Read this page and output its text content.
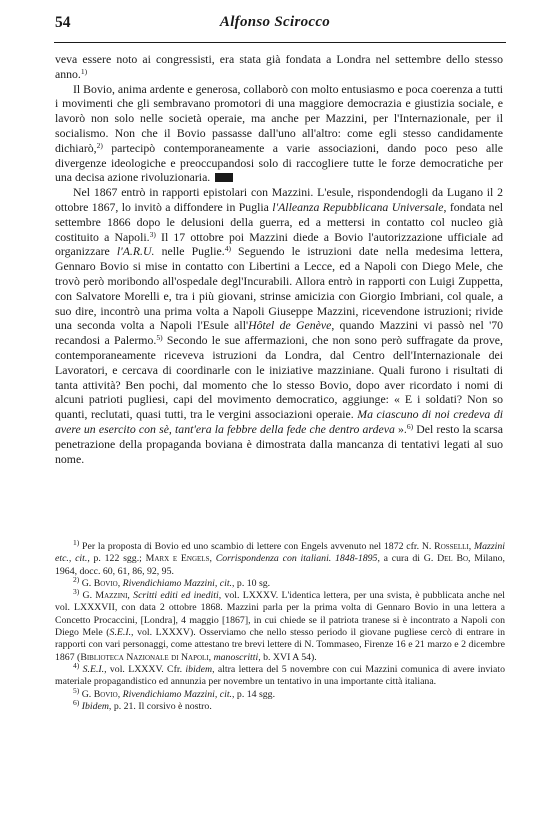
54	Alfonso Scirocco

veva essere noto ai congressisti, era stata già fondata a Londra nel settembre dello stesso anno.$^{1)}$

Il Bovio, anima ardente e generosa, collaborò con molto entusiasmo e poca coerenza a tutti i movimenti che gli sembravano promotori di una maggiore democrazia e giustizia sociale, e lavorò non solo nelle società operaie, ma anche per Mazzini, per l'Internazionale, per il socialismo. Non che il Bovio passasse dall'uno all'altro: come egli stesso candidamente dichiarò,$^{2)}$ partecipò contemporaneamente a varie associazioni, dando poco peso alle divergenze ideologiche e preoccupandosi solo di raccogliere tutte le forze democratiche per una decisa azione rivoluzionaria.

Nel 1867 entrò in rapporti epistolari con Mazzini. L'esule, rispondendogli da Lugano il 2 ottobre 1867, lo invitò a diffondere in Puglia l'Alleanza Repubblicana Universale, fondata nel settembre 1866 dopo le delusioni della guerra, ed a mettersi in contatto col nucleo già costituito a Napoli.$^{3)}$ Il 17 ottobre poi Mazzini diede a Bovio l'autorizzazione ufficiale ad organizzare l'A.R.U. nelle Puglie.$^{4)}$ Seguendo le istruzioni date nella medesima lettera, Gennaro Bovio si mise in contatto con Libertini a Lecce, ed a Napoli con Diego Mele, che trovò però moribondo all'ospedale degl'Incurabili. Allora entrò in rapporti con Luigi Zuppetta, con Salvatore Morelli e, tra i più giovani, strinse amicizia con Giorgio Imbriani, col quale, a suo dire, incontrò una prima volta a Napoli Giuseppe Mazzini, ricevendone istruzioni; rivide una seconda volta a Napoli l'Esule all'Hôtel de Genève, quando Mazzini vi passò nel '70 recandosi a Palermo.$^{5)}$ Secondo le sue affermazioni, che non sono però suffragate da prove, contemporaneamente riceveva istruzioni da Londra, dal Centro dell'Internazionale dei Lavoratori, e cercava di coordinarle con le iniziative mazziniane. Quali furono i risultati di tanta attività? Ben pochi, dal momento che lo stesso Bovio, dopo aver ricordato i nomi di alcuni patrioti pugliesi, capi del movimento democratico, aggiunge: « E i soldati? Non so quanti, reclutati, quasi tutti, tra le vergini associazioni operaie. Ma ciascuno di noi credeva di avere un esercito con sè, tant'era la febbre della fede che dentro ardeva ».$^{6)}$ Del resto la scarsa penetrazione della propaganda boviana è dimostrata dalla mancanza di tentativi legati al suo nome.

$^{1)}$ Per la proposta di Bovio ed uno scambio di lettere con Engels avvenuto nel 1872 cfr. N. Rosselli, Mazzini etc., cit., p. 122 sgg.; Marx e Engels, Corrispondenza con italiani. 1848-1895, a cura di G. Del Bo, Milano, 1964, docc. 60, 61, 86, 92, 95.

$^{2)}$ G. Bovio, Rivendichiamo Mazzini, cit., p. 10 sg.

$^{3)}$ G. Mazzini, Scritti editi ed inediti, vol. LXXXV. L'identica lettera, per una svista, è pubblicata anche nel vol. LXXXVII, con data 2 ottobre 1868. Mazzini parla per la prima volta di Gennaro Bovio in una lettera a Concetto Procaccini, [Londra], 4 maggio [1867], in cui chiede se il patriota tranese si è incontrato a Napoli con Diego Mele (S.E.I., vol. LXXXV). Osserviamo che nello stesso periodo il giovane pugliese cercò di entrare in rapporti con vari personaggi, come attestano tre brevi lettere di N. Tommaseo, Firenze 16 e 21 marzo e 2 dicembre 1867 (Biblioteca Nazionale di Napoli, manoscritti, b. XVI A 54).

$^{4)}$ S.E.I., vol. LXXXV. Cfr. ibidem, altra lettera del 5 novembre con cui Mazzini comunica di avere inviato materiale propagandistico ed annunzia per novembre un tentativo in una importante città italiana.

$^{5)}$ G. Bovio, Rivendichiamo Mazzini, cit., p. 14 sgg.

$^{6)}$ Ibidem, p. 21. Il corsivo è nostro.
